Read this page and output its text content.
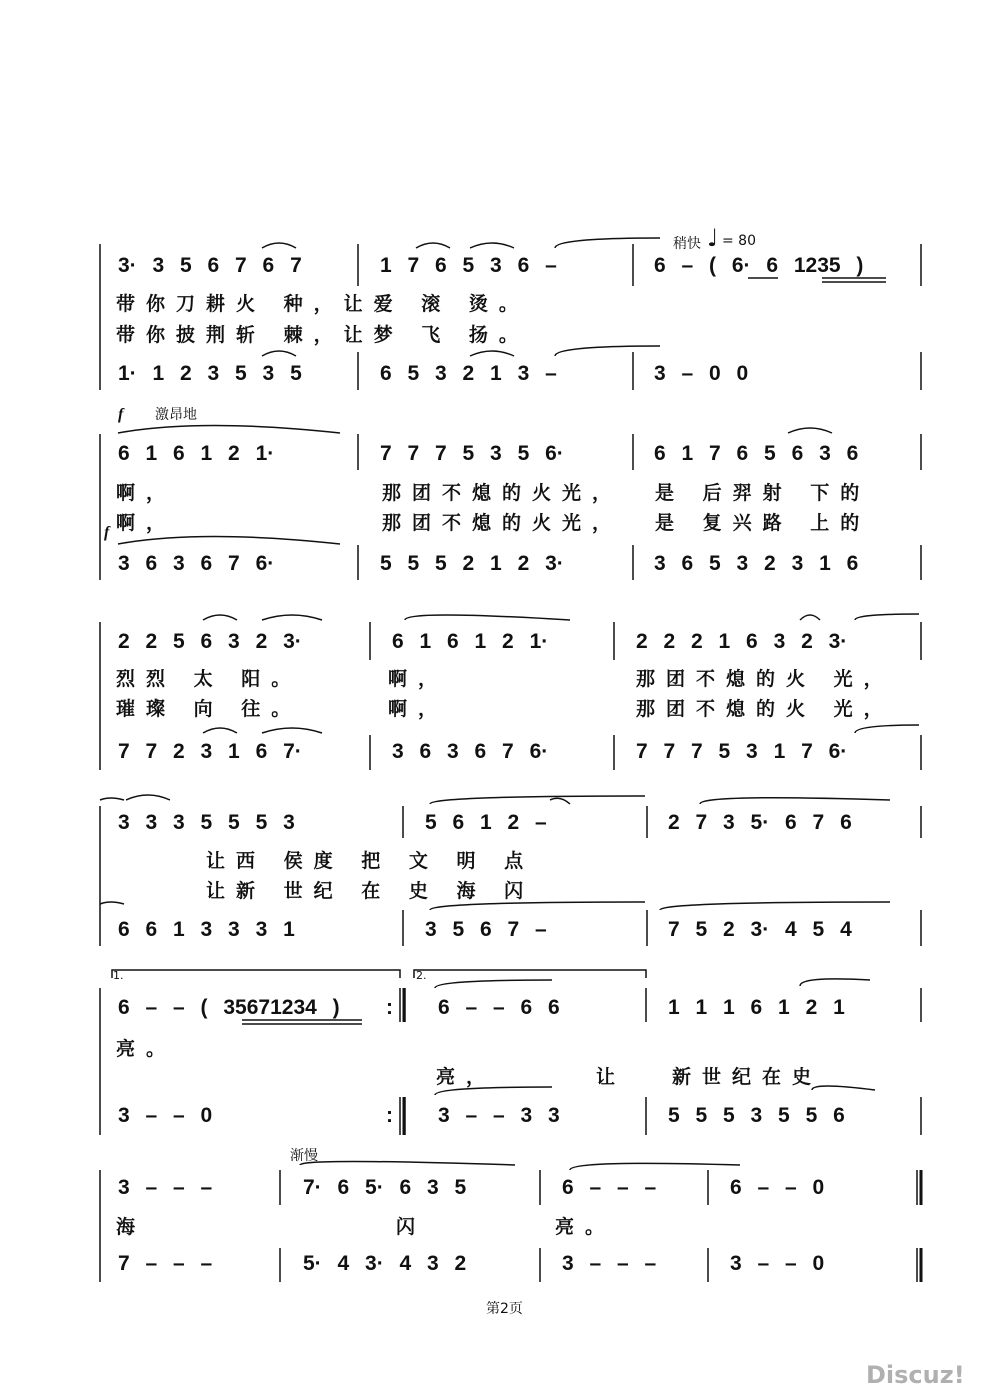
稍快 ♩ = 80
3· 3 5 6 7 6 7	1 7 6 5 3 6 –	6 – ( 6· 6 1235 )
带你刀耕火 种，让爱 滚 烫。
带你披荆斩 棘，让梦 飞 扬。
1· 1 2 3 5 3 5	6 5 3 2 1 3 –	3 – 0 0
f 激昂地
6 1 6 1 2 1·	7 7 7 5 3 5 6·	6 1 7 6 5 6 3 6
啊，	那团不熄的火光， 是 后羿射 下的
啊，	那团不熄的火光， 是 复兴路 上的
f
3 6 3 6 7 6·	5 5 5 2 1 2 3·	3 6 5 3 2 3 1 6
2 2 5 6 3 2 3·	6 1 6 1 2 1·	2 2 2 1 6 3 2 3·
烈烈 太 阳。	啊，	那团不熄的火 光，
璀璨 向 往。	啊，	那团不熄的火 光，
7 7 2 3 1 6 7·	3 6 3 6 7 6·	7 7 7 5 3 1 7 6·
3 3 3 5 5 5 3	5 6 1 2 –	2 7 3 5· 6 7 6
让西 侯度 把 文 明 点
让新 世纪 在 史 海 闪
6 6 1 3 3 3 1	3 5 6 7 –	7 5 2 3· 4 5 4
1.	2.
6 – – ( 35671234 )	6 – – 6 6	1 1 1 6 1 2 1
亮。
亮，	让 新世纪在史
3 – – 0	3 – – 3 3	5 5 5 3 5 5 6
:
:
渐慢
3 – – –	7· 6 5· 6 3 5	6 – – –	6 – – 0
海	闪	亮。
7 – – –	5· 4 3· 4 3 2	3 – – –	3 – – 0
第2页
Discuz!
